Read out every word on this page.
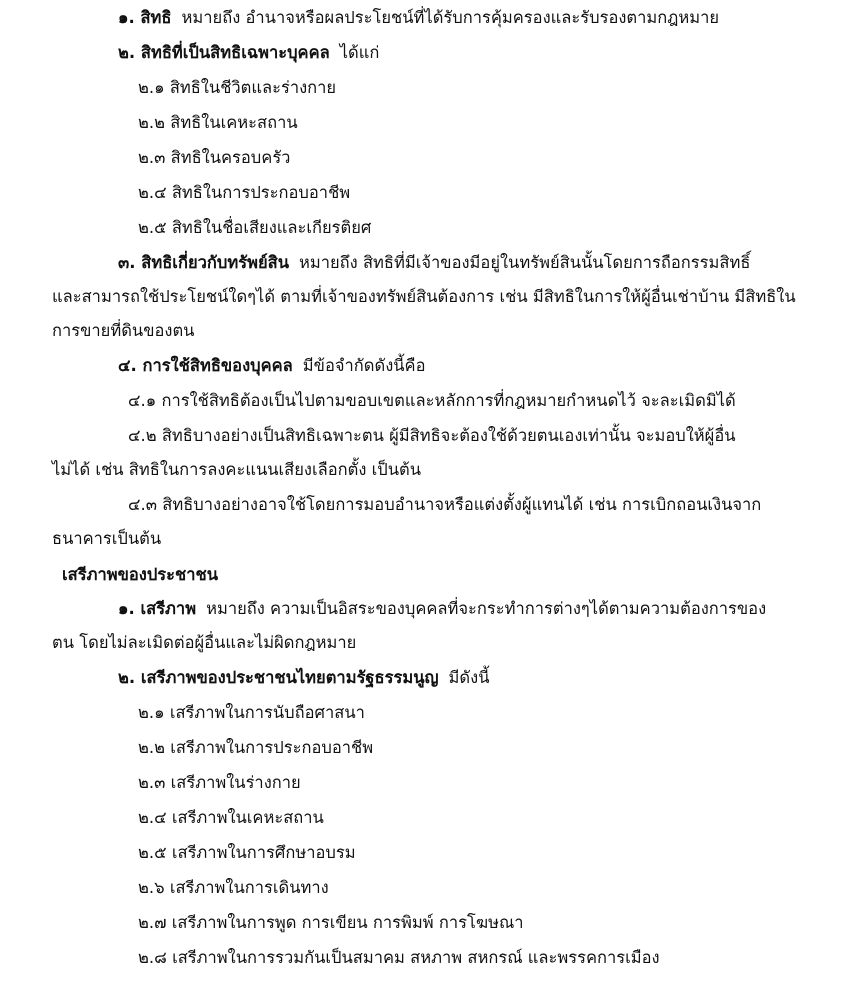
๑. สิทธิ หมายถึง อำนาจหรือผลประโยชน์ที่ได้รับการคุ้มครองและรับรองตามกฎหมาย
๒. สิทธิที่เป็นสิทธิเฉพาะบุคคล ได้แก่
๒.๑ สิทธิในชีวิตและร่างกาย
๒.๒ สิทธิในเคหะสถาน
๒.๓ สิทธิในครอบครัว
๒.๔ สิทธิในการประกอบอาชีพ
๒.๕ สิทธิในชื่อเสียงและเกียรติยศ
๓. สิทธิเกี่ยวกับทรัพย์สิน หมายถึง สิทธิที่มีเจ้าของมีอยู่ในทรัพย์สินนั้นโดยการถือกรรมสิทธิ์
และสามารถใช้ประโยชน์ใดๆได้ ตามที่เจ้าของทรัพย์สินต้องการ เช่น มีสิทธิในการให้ผู้อื่นเช่าบ้าน มีสิทธิใน
การขายที่ดินของตน
๔. การใช้สิทธิของบุคคล มีข้อจำกัดดังนี้คือ
๔.๑ การใช้สิทธิต้องเป็นไปตามขอบเขตและหลักการที่กฎหมายกำหนดไว้ จะละเมิดมิได้
๔.๒ สิทธิบางอย่างเป็นสิทธิเฉพาะตน ผู้มีสิทธิจะต้องใช้ด้วยตนเองเท่านั้น จะมอบให้ผู้อื่น
ไม่ได้ เช่น สิทธิในการลงคะแนนเสียงเลือกตั้ง เป็นต้น
๔.๓ สิทธิบางอย่างอาจใช้โดยการมอบอำนาจหรือแต่งตั้งผู้แทนได้ เช่น การเบิกถอนเงินจาก
ธนาคารเป็นต้น
เสรีภาพของประชาชน
๑. เสรีภาพ หมายถึง ความเป็นอิสระของบุคคลที่จะกระทำการต่างๆได้ตามความต้องการของ
ตน โดยไม่ละเมิดต่อผู้อื่นและไม่ผิดกฎหมาย
๒. เสรีภาพของประชาชนไทยตามรัฐธรรมนูญ มีดังนี้
๒.๑ เสรีภาพในการนับถือศาสนา
๒.๒ เสรีภาพในการประกอบอาชีพ
๒.๓ เสรีภาพในร่างกาย
๒.๔ เสรีภาพในเคหะสถาน
๒.๕ เสรีภาพในการศึกษาอบรม
๒.๖ เสรีภาพในการเดินทาง
๒.๗ เสรีภาพในการพูด การเขียน การพิมพ์ การโฆษณา
๒.๘ เสรีภาพในการรวมกันเป็นสมาคม สหภาพ สหกรณ์ และพรรคการเมือง
